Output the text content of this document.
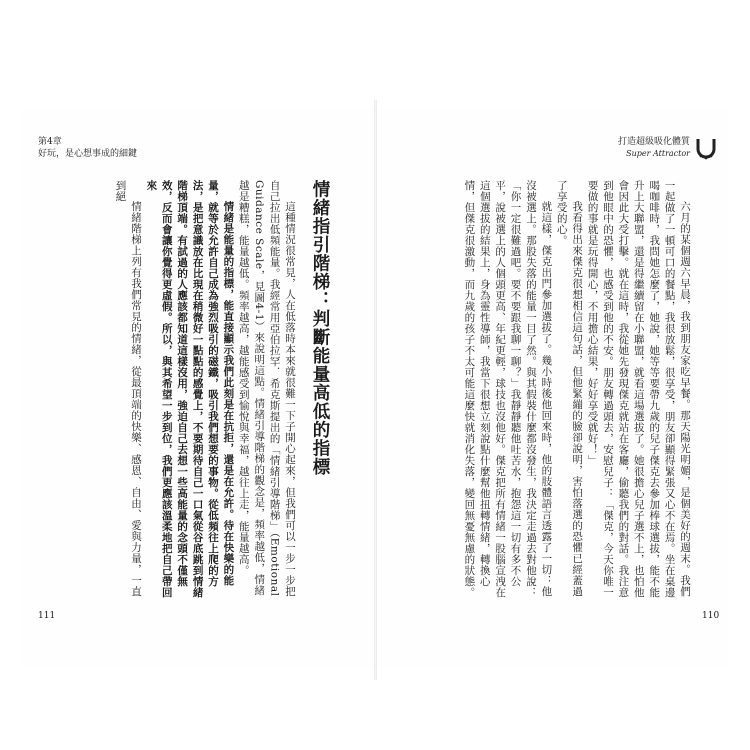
第4章
好玩，是心想事成的細鍵
打造超級吸化體質
Super Attractor
情緒指引階梯：判斷能量高低的指標
這種情況很常見，人在低落時本來就很難一下子開心起來，但我們可以一步一步把自己拉出低頻能量。我經常用亞伯拉罕．希克斯提出的「情緒引導階梯」（Emotional Guidance Scale，見圖4-1）來說明這點。情緒引導階梯的觀念是，頻率越低，情緒越是糟糕，能量越低。頻率越高，越能感受到愉悅與幸福，越往上走，能量越高。
情緒是能量的指標，能直接顯示我們此刻是在抗拒，還是在允許。待在快樂的能量，就等於允許自己成為強烈吸引的磁鐵，吸引我們想要的事物。從低頻往上爬的方法，是把意識放在比現在稍微好一點點的感覺上，不要期待自己一口氣從谷底跳到情緒階梯頂端。有試過的人應該都知道這樣沒用，強迫自己去想一些高能量的念頭不僅無效，反而會讓你覺得更虛假。所以，與其希望一步到位，我們更應該溫柔地把自己帶回來
情緒階梯上列有我們常見的情緒，從最頂端的快樂、感恩、自由、愛與力量，一直到絕
六月的某個週六早晨，我到朋友家吃早餐。那天陽光明媚，是個美好的週末。我們一起做了一頓可口的餐點，我很放鬆，很享受，朋友卻顯得緊張又心不在焉。坐在桌邊喝咖啡時，我問她怎麼了，她說，她等等要帶九歲的兒子傑克去參加棒球選拔，能不能升上大聯盟，還是得繼續留在小聯盟，就看這場選拔了。她很擔心兒子選不上，也怕他會因此大受打擊。就在這時，我從她先發現傑克就站在客廳，偷聽我們的對話。我注意到他眼中的恐懼，也感受到他的不安。朋友轉過頭去，安慰兒子：「傑克，今天你唯一要做的事就是玩得開心，不用擔心結果，好好享受就好！」
我看得出來傑克很想相信這句話，但他緊繃的臉卻說明，害怕落選的恐懼已經蓋過了享受的心。
就這樣，傑克出門參加選拔了。幾小時後他回來時，他的肢體語言透露了一切：他沒被選上。那股失落的能量一目了然。與其假裝什麼都沒發生，我決定走過去對他說：「你一定很難過吧。要不要跟我聊一聊？」我靜靜聽他吐苦水，抱怨這一切有多不公平，說被選上的人個頭更高、年紀更輕，球技也沒他好。傑克把所有情緒一股腦宣洩在這個選拔的結果上，身為靈性導師，我當下很想立刻說點什麼幫他扭轉情緒，轉換心情，但傑克很激動，而九歲的孩子不太可能這麼快就消化失落，變回無憂無慮的狀態。
111	110
